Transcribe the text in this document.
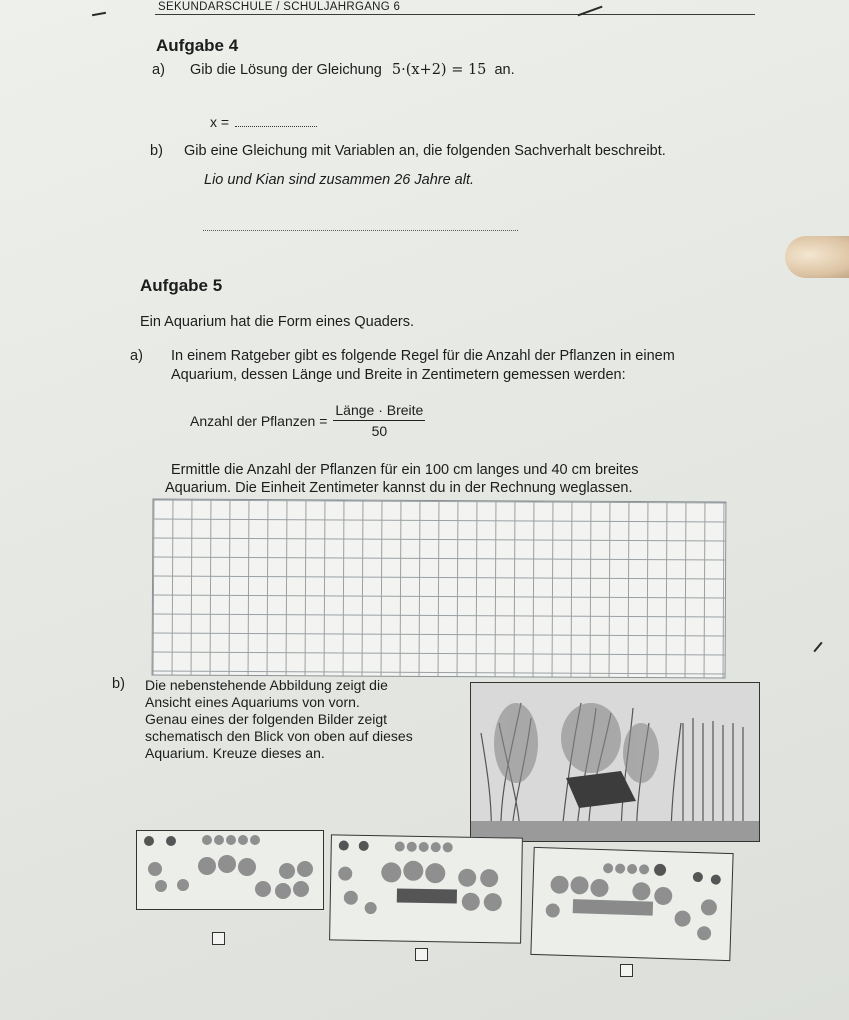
SEKUNDARSCHULE / SCHULJAHRGANG 6
Aufgabe 4
a) Gib die Lösung der Gleichung 5·(x+2) = 15 an.
x =
b) Gib eine Gleichung mit Variablen an, die folgenden Sachverhalt beschreibt.
Lio und Kian sind zusammen 26 Jahre alt.
Aufgabe 5
Ein Aquarium hat die Form eines Quaders.
a) In einem Ratgeber gibt es folgende Regel für die Anzahl der Pflanzen in einem
Aquarium, dessen Länge und Breite in Zentimetern gemessen werden:
Anzahl der Pflanzen = $\frac{\text{Länge · Breite}}{50}$
Ermittle die Anzahl der Pflanzen für ein 100 cm langes und 40 cm breites
Aquarium. Die Einheit Zentimeter kannst du in der Rechnung weglassen.
b) Die nebenstehende Abbildung zeigt die
Ansicht eines Aquariums von vorn.
Genau eines der folgenden Bilder zeigt
schematisch den Blick von oben auf dieses
Aquarium. Kreuze dieses an.
